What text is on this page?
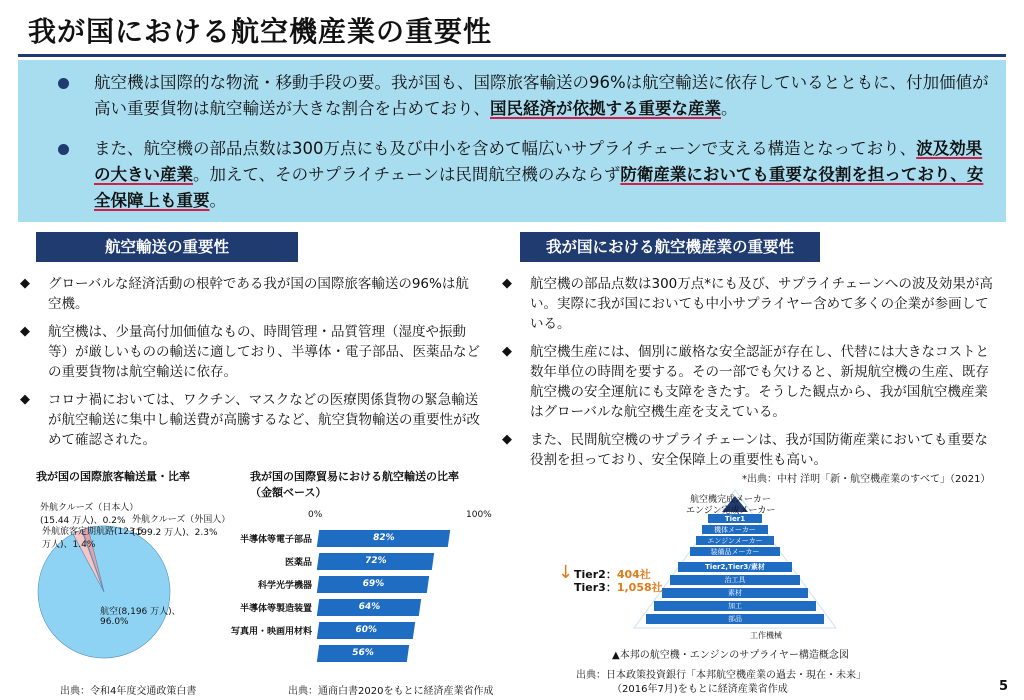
我が国における航空機産業の重要性
航空機は国際的な物流・移動手段の要。我が国も、国際旅客輸送の96%は航空輸送に依存しているとともに、付加価値が高い重要貨物は航空輸送が大きな割合を占めており、国民経済が依拠する重要な産業。
また、航空機の部品点数は300万点にも及び中小を含めて幅広いサプライチェーンで支える構造となっており、波及効果の大きい産業。加えて、そのサプライチェーンは民間航空機のみならず防衛産業においても重要な役割を担っており、安全保障上も重要。
航空輸送の重要性
◆ グローバルな経済活動の根幹である我が国の国際旅客輸送の96%は航空機。
◆ 航空機は、少量高付加価値なもの、時間管理・品質管理（湿度や振動等）が厳しいものの輸送に適しており、半導体・電子部品、医薬品などの重要貨物は航空輸送に依存。
◆ コロナ禍においては、ワクチン、マスクなどの医療関係貨物の緊急輸送が航空輸送に集中し輸送費が高騰するなど、航空貨物輸送の重要性が改めて確認された。
我が国の国際旅客輸送量・比率
外航クルーズ（日本人）(15.44 万人)、0.2%
外航旅客定期航路(123.5 万人)、1.4%
外航クルーズ（外国人）(199.2 万人)、2.3%
航空(8,196 万人)、96.0%
出典：令和4年度交通政策白書
我が国の国際貿易における航空輸送の比率
（金額ベース）
0%	100%
82%
半導体等電子部品
72%
医薬品
69%
科学光学機器
64%
半導体等製造装置
60%
写真用・映画用材料
56%
出典：通商白書2020をもとに経済産業省作成
我が国における航空機産業の重要性
◆ 航空機の部品点数は300万点*にも及び、サプライチェーンへの波及効果が高い。実際に我が国においても中小サプライヤー含めて多くの企業が参画している。
◆ 航空機生産には、個別に厳格な安全認証が存在し、代替には大きなコストと数年単位の時間を要する。その一部でも欠けると、新規航空機の生産、既存航空機の安全運航にも支障をきたす。そうした観点から、我が国航空機産業はグローバルな航空機生産を支えている。
◆ また、民間航空機のサプライチェーンは、我が国防衛産業においても重要な役割を担っており、安全保障上の重要性も高い。
*出典：中村 洋明「新・航空機産業のすべて」（2021）
Tier1
機体メーカー
エンジンメーカー
装備品メーカー
Tier2,Tier3/素材
治工具
素材
加工
部品
航空機完成メーカー
エンジン完成メーカー
工作機械
↓ Tier2：404社
Tier3：1,058社
▲本邦の航空機・エンジンのサプライヤー構造概念図
出典：日本政策投資銀行「本邦航空機産業の過去・現在・未来」
（2016年7月)をもとに経済産業省作成	5
